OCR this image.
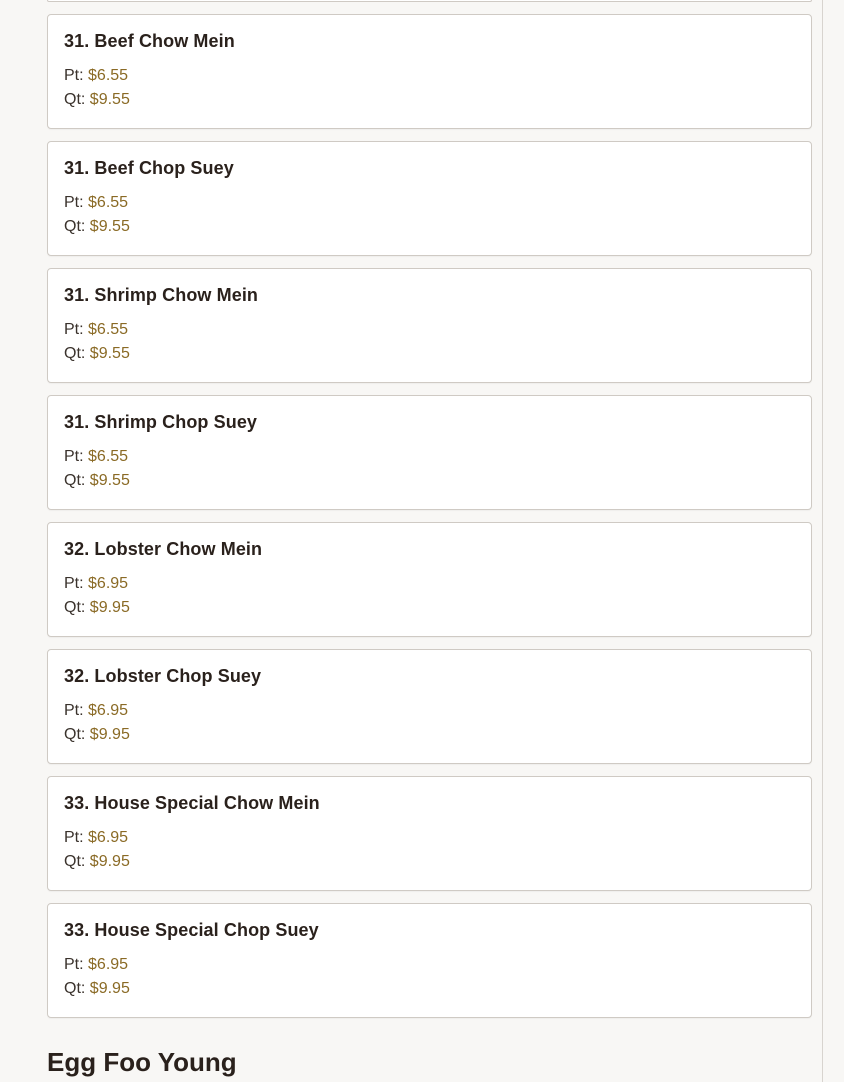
31. Beef Chow Mein
Pt: $6.55
Qt: $9.55
31. Beef Chop Suey
Pt: $6.55
Qt: $9.55
31. Shrimp Chow Mein
Pt: $6.55
Qt: $9.55
31. Shrimp Chop Suey
Pt: $6.55
Qt: $9.55
32. Lobster Chow Mein
Pt: $6.95
Qt: $9.95
32. Lobster Chop Suey
Pt: $6.95
Qt: $9.95
33. House Special Chow Mein
Pt: $6.95
Qt: $9.95
33. House Special Chop Suey
Pt: $6.95
Qt: $9.95
Egg Foo Young
